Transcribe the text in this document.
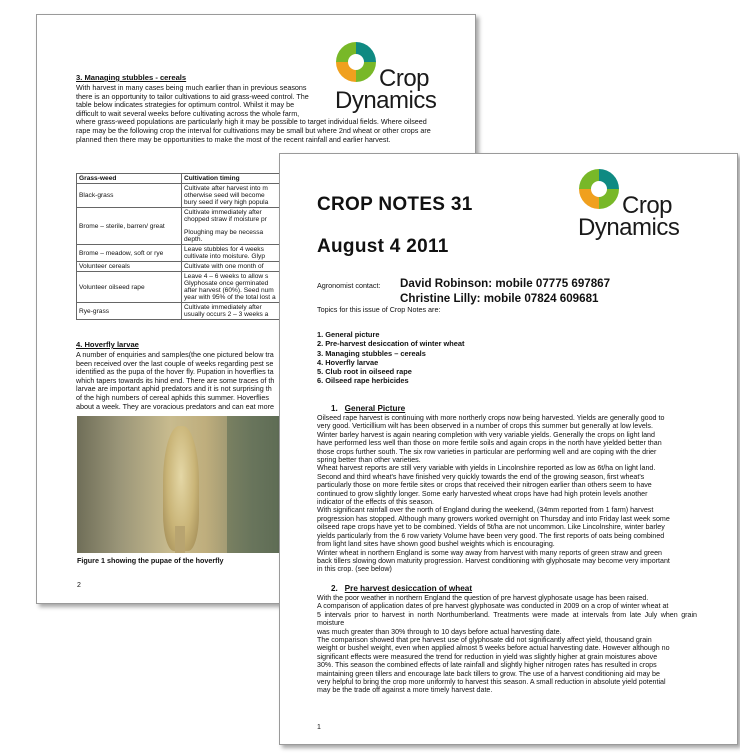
Crop
Dynamics
3. Managing stubbles - cereals
With harvest in many cases being much earlier than in previous seasons
there is an opportunity to tailor cultivations to aid grass-weed control. The
table below indicates strategies for optimum control. Whilst it may be
difficult to wait several weeks before cultivating across the whole farm,
where grass-weed populations are particularly high it may be possible to target individual fields. Where oilseed
rape may be the following crop the interval for cultivations may be small but where 2nd wheat or other crops are
planned then there may be opportunities to make the most of the recent rainfall and earlier harvest.
Grass-weed	Cultivation timing
Black-grass	Cultivate after harvest into m
otherwise seed will become
bury seed if very high popula

Brome – sterile, barren/ great	Cultivate immediately after
chopped straw if moisture pr
Ploughing may be necessa
depth.

Brome – meadow, soft or rye	Leave stubbles for 4 weeks
cultivate into moisture. Glyp

Volunteer cereals	Cultivate with one month of

Volunteer oilseed rape	Leave 4 – 6 weeks to allow s
Glyphosate once germinated
after harvest (60%). Seed num
year with 95% of the total lost a

Rye-grass	Cultivate immediately after
usually occurs 2 – 3 weeks a
4. Hoverfly larvae
A number of enquiries and samples(the one pictured below tra
been received over the last couple of weeks regarding pest se
identified as the pupa of the hover fly. Pupation in hoverflies ta
which tapers towards its hind end. There are some traces of th
larvae are important aphid predators and it is not surprising th
of the high numbers of cereal aphids this summer. Hoverflies
about a week. They are voracious predators and can eat more
Figure 1 showing the pupae of the hoverfly
2
Crop
Dynamics
CROP NOTES 31
August 4 2011
Agronomist contact: David Robinson: mobile 07775 697867
Christine Lilly: mobile 07824 609681
Topics for this issue of Crop Notes are:
1. General picture
2. Pre-harvest desiccation of winter wheat
3. Managing stubbles – cereals
4. Hoverfly larvae
5. Club root in oilseed rape
6. Oilseed rape herbicides
1. General Picture
Oilseed rape harvest is continuing with more northerly crops now being harvested. Yields are generally good to
very good. Verticillium wilt has been observed in a number of crops this summer but generally at low levels.
Winter barley harvest is again nearing completion with very variable yields. Generally the crops on light land
have performed less well than those on more fertile soils and again crops in the north have yielded better than
those crops further south. The six row varieties in particular are performing well and are coping with the drier
spring better than other varieties.
Wheat harvest reports are still very variable with yields in Lincolnshire reported as low as 6t/ha on light land.
Second and third wheat's have finished very quickly towards the end of the growing season, first wheat's
particularly those on more fertile sites or crops that received their nitrogen earlier than others seem to have
continued to grow slightly longer. Some early harvested wheat crops have had high protein levels another
indicator of the effects of this season.
With significant rainfall over the north of England during the weekend, (34mm reported from 1 farm) harvest
progression has stopped. Although many growers worked overnight on Thursday and into Friday last week some
oilseed rape crops have yet to be combined. Yields of 5t/ha are not uncommon. Like Lincolnshire, winter barley
yields particularly from the 6 row variety Volume have been very good. The first reports of oats being combined
from light land sites have shown good bushel weights which is encouraging.
Winter wheat in northern England is some way away from harvest with many reports of green straw and green
back tillers slowing down maturity progression. Harvest conditioning with glyphosate may become very important
in this crop. (see below)
2. Pre harvest desiccation of wheat
With the poor weather in northern England the question of pre harvest glyphosate usage has been raised.
A comparison of application dates of pre harvest glyphosate was conducted in 2009 on a crop of winter wheat at
5 intervals prior to harvest in north Northumberland. Treatments were made at intervals from late July when grain moisture
was much greater than 30% through to 10 days before actual harvesting date.
The comparison showed that pre harvest use of glyphosate did not significantly affect yield, thousand grain
weight or bushel weight, even when applied almost 5 weeks before actual harvesting date. However although no
significant effects were measured the trend for reduction in yield was slightly higher at grain moistures above
30%. This season the combined effects of late rainfall and slightly higher nitrogen rates has resulted in crops
maintaining green tillers and encourage late back tillers to grow. The use of a harvest conditioning aid may be
very helpful to bring the crop more uniformly to harvest this season. A small reduction in absolute yield potential
may be the trade off against a more timely harvest date.
1
